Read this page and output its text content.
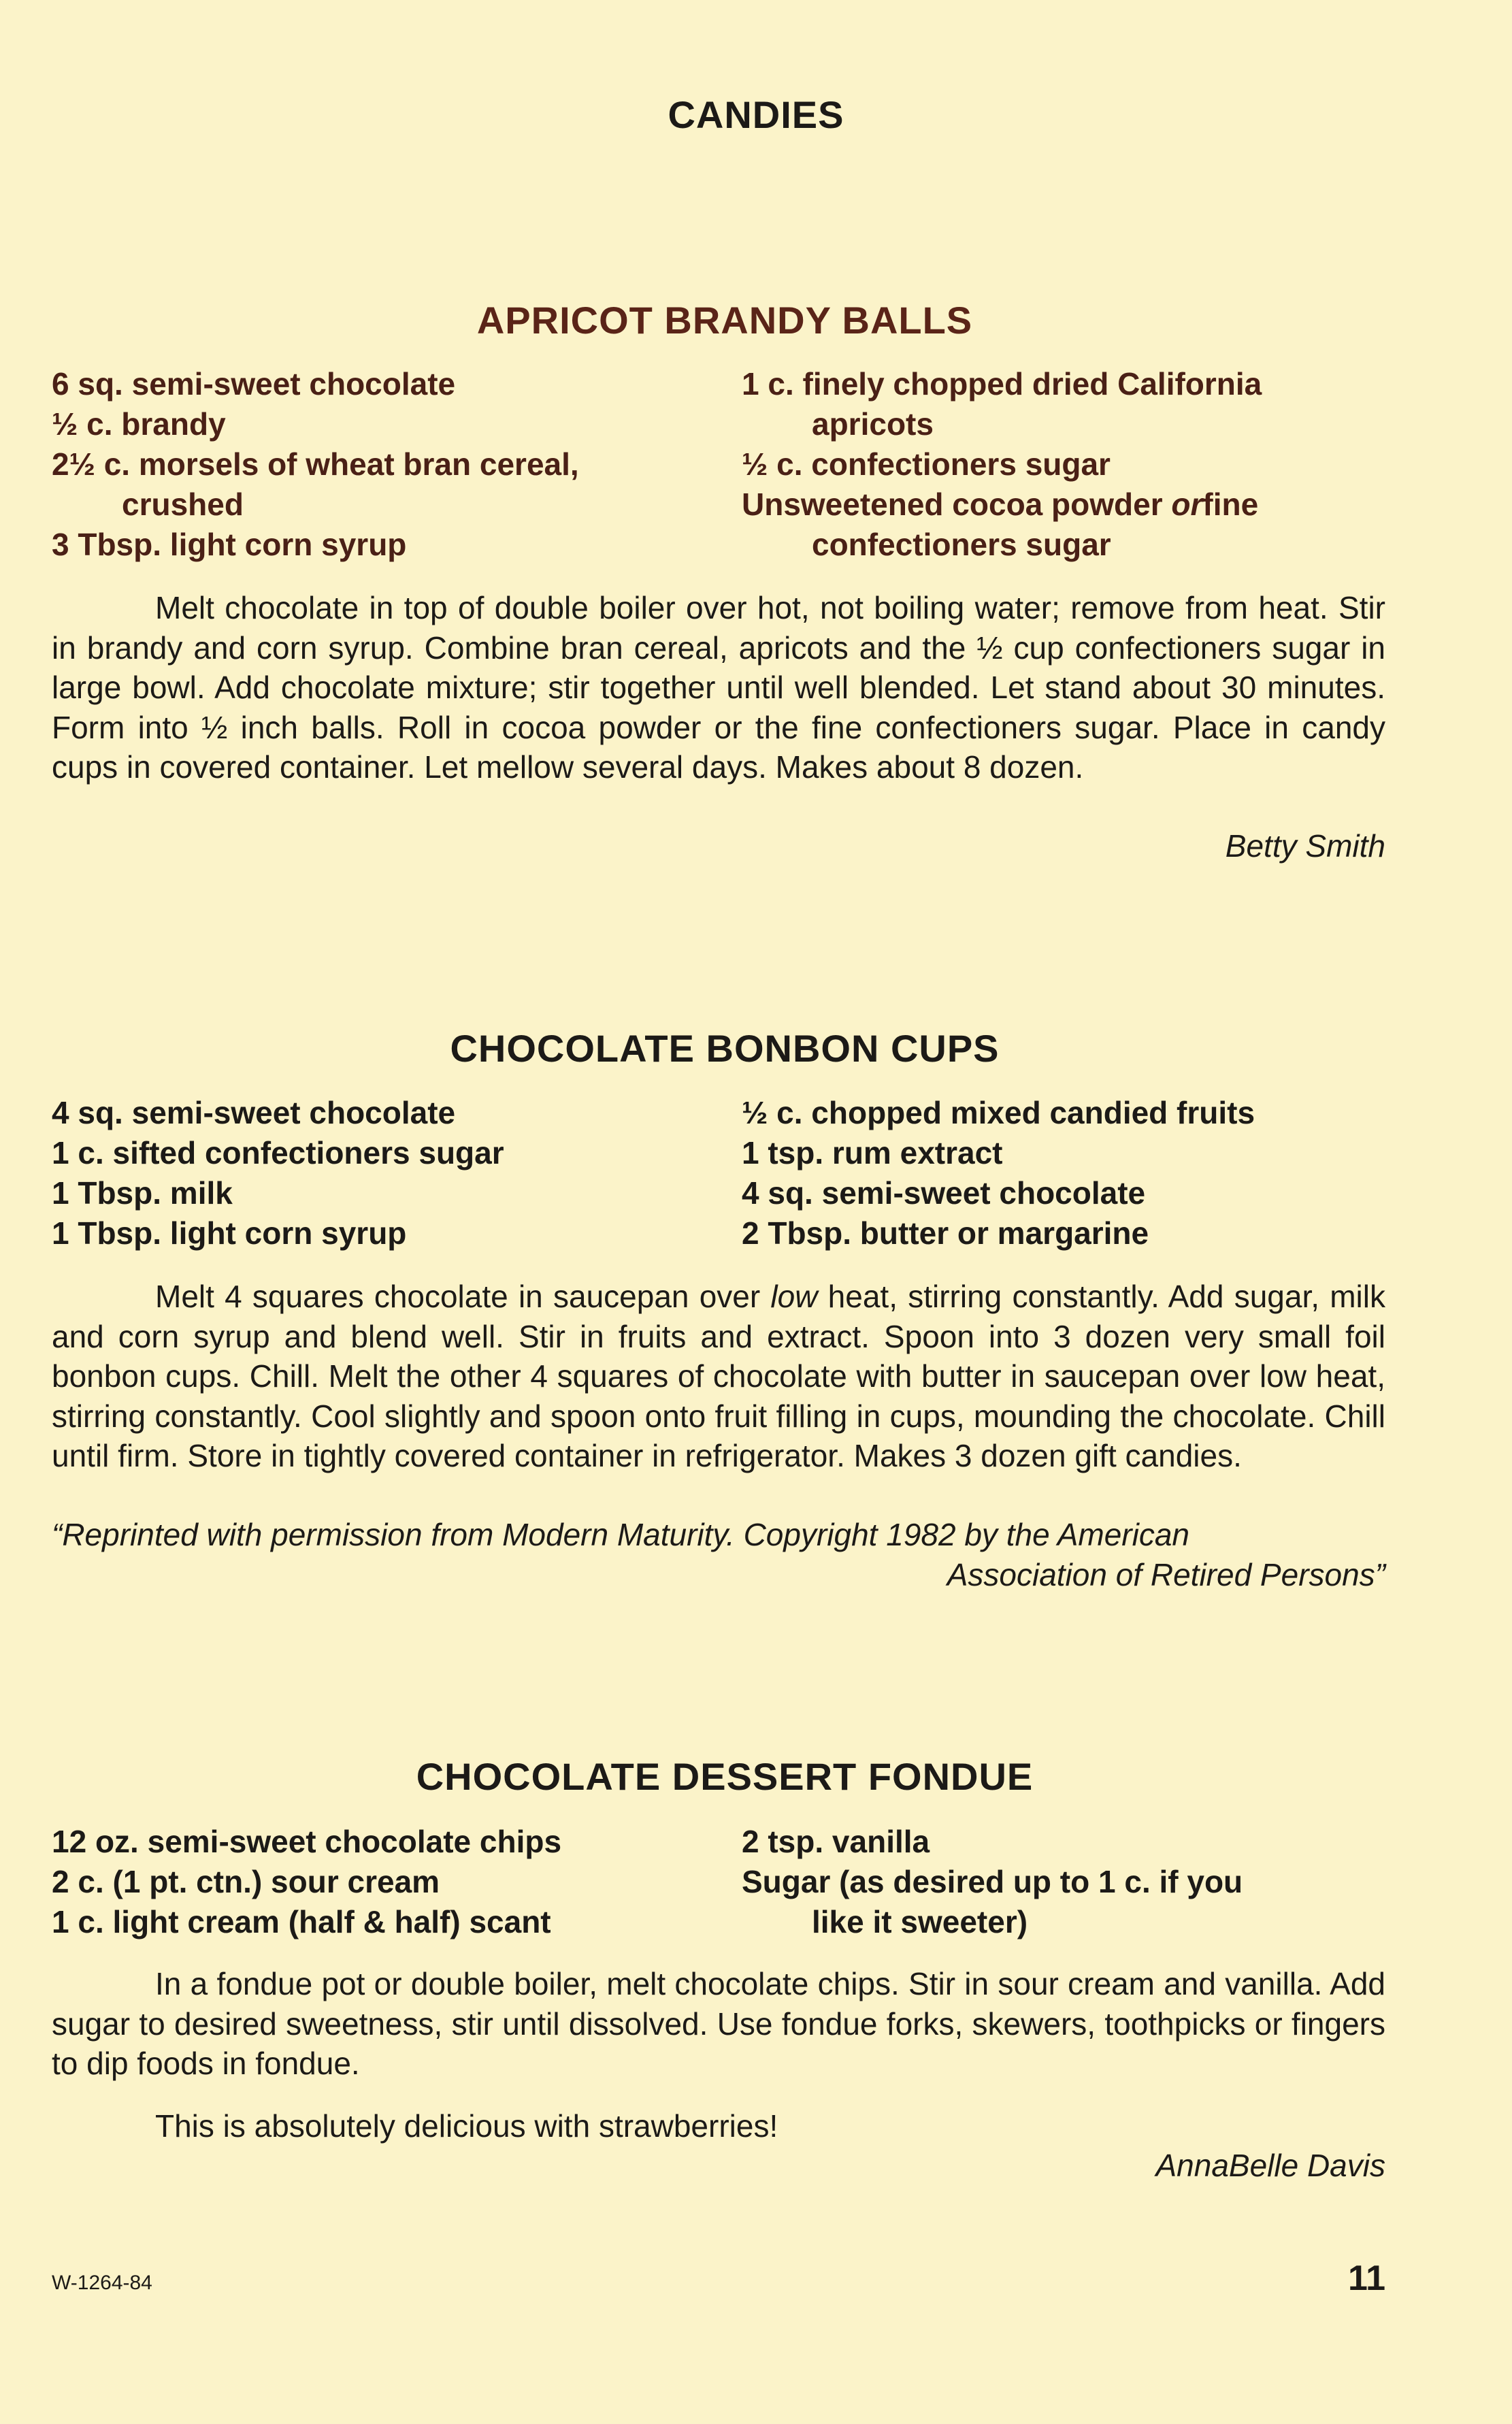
CANDIES
APRICOT BRANDY BALLS
6 sq. semi-sweet chocolate
½ c. brandy
2½ c. morsels of wheat bran cereal,
crushed
3 Tbsp. light corn syrup
1 c. finely chopped dried California
apricots
½ c. confectioners sugar
Unsweetened cocoa powder orfine
confectioners sugar
Melt chocolate in top of double boiler over hot, not boiling water; remove from heat. Stir in brandy and corn syrup. Combine bran cereal, apricots and the ½ cup confectioners sugar in large bowl. Add chocolate mixture; stir together until well blended. Let stand about 30 minutes. Form into ½ inch balls. Roll in cocoa powder or the fine confectioners sugar. Place in candy cups in covered container. Let mellow several days. Makes about 8 dozen.
Betty Smith
CHOCOLATE BONBON CUPS
4 sq. semi-sweet chocolate
1 c. sifted confectioners sugar
1 Tbsp. milk
1 Tbsp. light corn syrup
½ c. chopped mixed candied fruits
1 tsp. rum extract
4 sq. semi-sweet chocolate
2 Tbsp. butter or margarine
Melt 4 squares chocolate in saucepan over low heat, stirring constantly. Add sugar, milk and corn syrup and blend well. Stir in fruits and extract. Spoon into 3 dozen very small foil bonbon cups. Chill. Melt the other 4 squares of chocolate with butter in saucepan over low heat, stirring constantly. Cool slightly and spoon onto fruit filling in cups, mounding the chocolate. Chill until firm. Store in tightly covered container in refrigerator. Makes 3 dozen gift candies.
“Reprinted with permission from Modern Maturity. Copyright 1982 by the American
Association of Retired Persons”
CHOCOLATE DESSERT FONDUE
12 oz. semi-sweet chocolate chips
2 c. (1 pt. ctn.) sour cream
1 c. light cream (half & half) scant
2 tsp. vanilla
Sugar (as desired up to 1 c. if you
like it sweeter)
In a fondue pot or double boiler, melt chocolate chips. Stir in sour cream and vanilla. Add sugar to desired sweetness, stir until dissolved. Use fondue forks, skewers, toothpicks or fingers to dip foods in fondue.
This is absolutely delicious with strawberries!
AnnaBelle Davis
W-1264-84	11
